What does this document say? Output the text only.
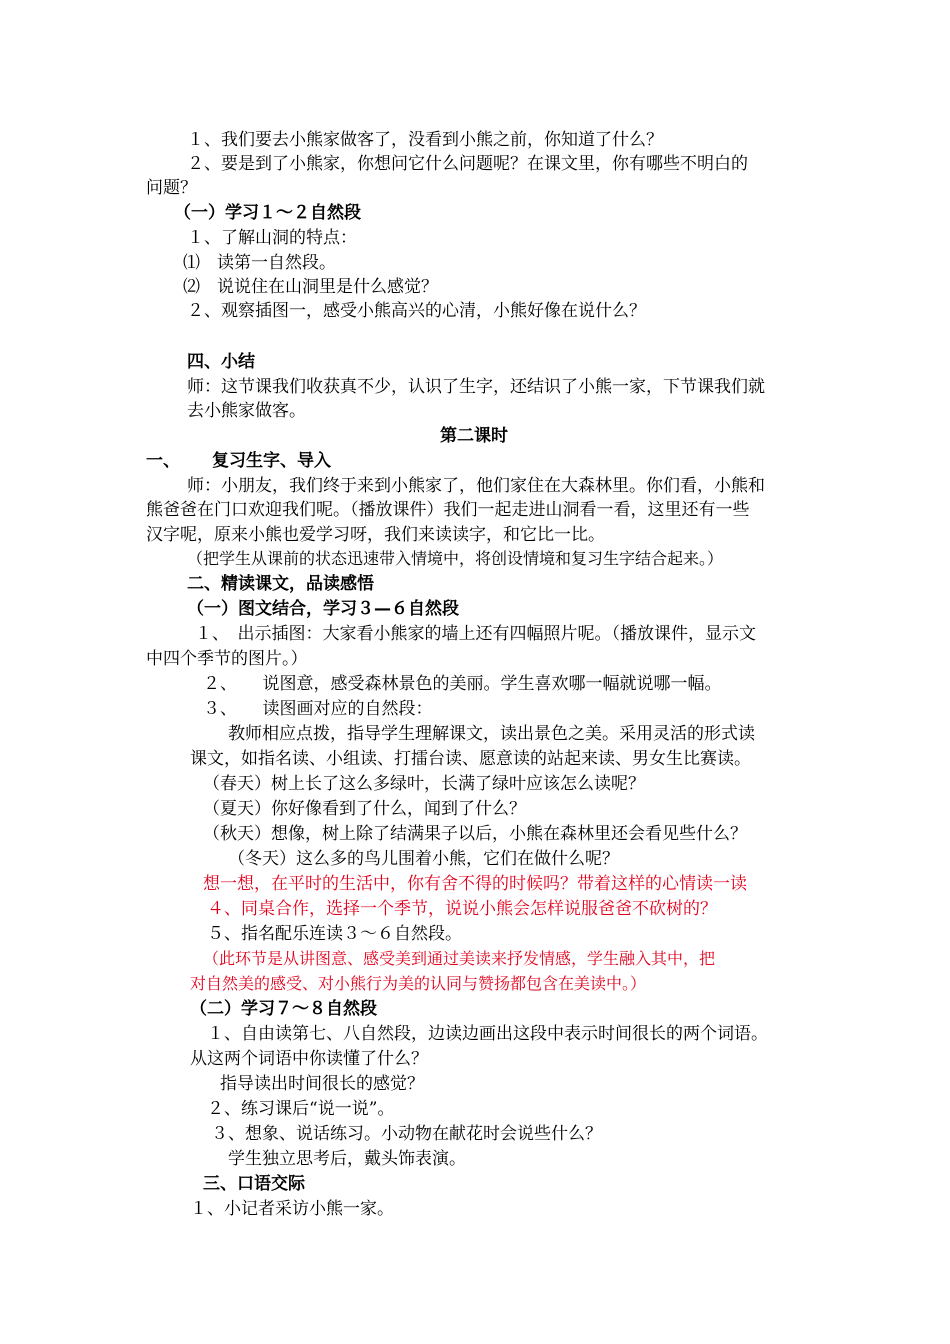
１、我们要去小熊家做客了，没看到小熊之前，你知道了什么？
２、要是到了小熊家，你想问它什么问题呢？在课文里，你有哪些不明白的
问题？
（一）学习１～２自然段
１、了解山洞的特点：
⑴　读第一自然段。
⑵　说说住在山洞里是什么感觉？
２、观察插图一，感受小熊高兴的心清，小熊好像在说什么？
四、小结
师：这节课我们收获真不少，认识了生字，还结识了小熊一家，下节课我们就
去小熊家做客。
第二课时
一、 复习生字、导入
师：小朋友，我们终于来到小熊家了，他们家住在大森林里。你们看，小熊和
熊爸爸在门口欢迎我们呢。（播放课件）我们一起走进山洞看一看，这里还有一些
汉字呢，原来小熊也爱学习呀，我们来读读字，和它比一比。
（把学生从课前的状态迅速带入情境中，将创设情境和复习生字结合起来。）
二、精读课文，品读感悟
（一）图文结合，学习３—６自然段
１、　出示插图：大家看小熊家的墙上还有四幅照片呢。（播放课件，显示文
中四个季节的图片。）
２、　　说图意，感受森林景色的美丽。学生喜欢哪一幅就说哪一幅。
３、　　读图画对应的自然段：
教师相应点拨，指导学生理解课文，读出景色之美。采用灵活的形式读
课文，如指名读、小组读、打擂台读、愿意读的站起来读、男女生比赛读。
（春天）树上长了这么多绿叶，长满了绿叶应该怎么读呢？
（夏天）你好像看到了什么，闻到了什么？
（秋天）想像，树上除了结满果子以后，小熊在森林里还会看见些什么？
（冬天）这么多的鸟儿围着小熊，它们在做什么呢？
想一想，在平时的生活中，你有舍不得的时候吗？带着这样的心情读一读
４、同桌合作，选择一个季节，说说小熊会怎样说服爸爸不砍树的？
５、指名配乐连读３～６自然段。
（此环节是从讲图意、感受美到通过美读来抒发情感，学生融入其中，把
对自然美的感受、对小熊行为美的认同与赞扬都包含在美读中。）
（二）学习７～８自然段
１、自由读第七、八自然段，边读边画出这段中表示时间很长的两个词语。
从这两个词语中你读懂了什么？
指导读出时间很长的感觉？
２、练习课后“说一说”。
３、想象、说话练习。小动物在献花时会说些什么？
学生独立思考后，戴头饰表演。
三、口语交际
１、小记者采访小熊一家。
